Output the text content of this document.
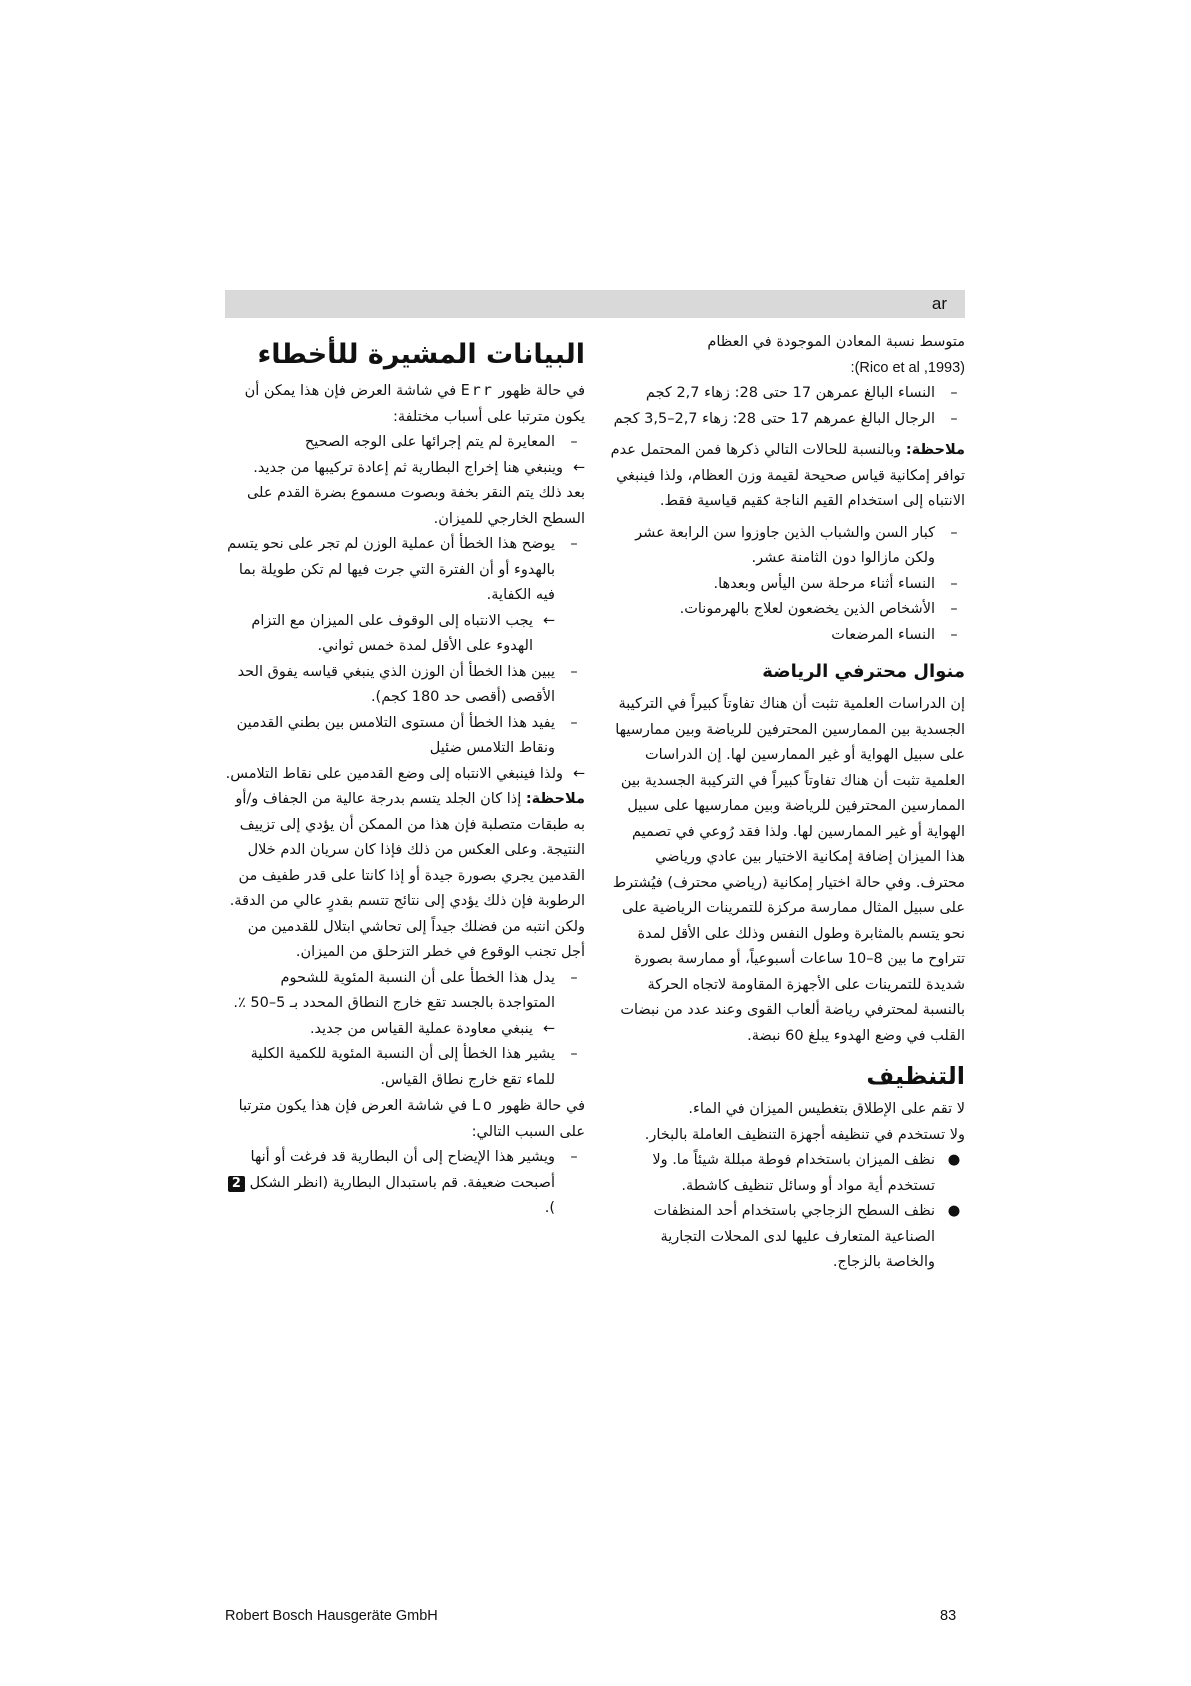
ar

متوسط نسبة المعادن الموجودة في العظام

:(Rico et al ,1993)

–
النساء البالغ عمرهن 17 حتى 28: زهاء 2,7 كجم
–
الرجال البالغ عمرهم 17 حتى 28: زهاء 2,7–3,5 كجم

ملاحظة: وبالنسبة للحالات التالي ذكرها فمن المحتمل عدم توافر إمكانية قياس صحيحة لقيمة وزن العظام، ولذا فينبغي الانتباه إلى استخدام القيم الناجة كقيم قياسية فقط.

–
كبار السن والشباب الذين جاوزوا سن الرابعة عشر ولكن مازالوا دون الثامنة عشر.
–
النساء أثناء مرحلة سن اليأس وبعدها.
–
الأشخاص الذين يخضعون لعلاج بالهرمونات.
–
النساء المرضعات
منوال محترفي الرياضة

إن الدراسات العلمية تثبت أن هناك تفاوتاً كبيراً في التركيبة الجسدية بين الممارسين المحترفين للرياضة وبين ممارسيها على سبيل الهواية أو غير الممارسين لها. إن الدراسات العلمية تثبت أن هناك تفاوتاً كبيراً في التركيبة الجسدية بين الممارسين المحترفين للرياضة وبين ممارسيها على سبيل الهواية أو غير الممارسين لها. ولذا فقد رُوعي في تصميم هذا الميزان إضافة إمكانية الاختيار بين عادي ورياضي محترف. وفي حالة اختيار إمكانية (رياضي محترف) فيُشترط على سبيل المثال ممارسة مركزة للتمرينات الرياضية على نحو يتسم بالمثابرة وطول النفس وذلك على الأقل لمدة تتراوح ما بين 8–10 ساعات أسبوعياً، أو ممارسة بصورة شديدة للتمرينات على الأجهزة المقاومة لاتجاه الحركة بالنسبة لمحترفي رياضة ألعاب القوى وعند عدد من نبضات القلب في وضع الهدوء يبلغ 60 نبضة.

التنظيف

لا تقم على الإطلاق بتغطيس الميزان في الماء.

ولا تستخدم في تنظيفه أجهزة التنظيف العاملة بالبخار.

●
نظف الميزان باستخدام فوطة مبللة شيئاً ما. ولا تستخدم أية مواد أو وسائل تنظيف كاشطة.
●
نظف السطح الزجاجي باستخدام أحد المنظفات الصناعية المتعارف عليها لدى المحلات التجارية والخاصة بالزجاج.
البيانات المشيرة للأخطاء

في حالة ظهور Err في شاشة العرض فإن هذا يمكن أن يكون مترتبا على أسباب مختلفة:

–
المعايرة لم يتم إجرائها على الوجه الصحيح
←
وينبغي هنا إخراج البطارية ثم إعادة تركيبها من جديد.

بعد ذلك يتم النقر بخفة وبصوت مسموع بضرة القدم على السطح الخارجي للميزان.

–
يوضح هذا الخطأ أن عملية الوزن لم تجر على نحو يتسم بالهدوء أو أن الفترة التي جرت فيها لم تكن طويلة بما فيه الكفاية.
←
يجب الانتباه إلى الوقوف على الميزان مع التزام الهدوء على الأقل لمدة خمس ثواني.
–
يبين هذا الخطأ أن الوزن الذي ينبغي قياسه يفوق الحد الأقصى (أقصى حد 180 كجم).
–
يفيد هذا الخطأ أن مستوى التلامس بين بطني القدمين ونقاط التلامس ضئيل
←
ولذا فينبغي الانتباه إلى وضع القدمين على نقاط التلامس.

ملاحظة: إذا كان الجلد يتسم بدرجة عالية من الجفاف و/أو به طبقات متصلبة فإن هذا من الممكن أن يؤدي إلى تزييف النتيجة. وعلى العكس من ذلك فإذا كان سريان الدم خلال القدمين يجري بصورة جيدة أو إذا كانتا على قدر طفيف من الرطوبة فإن ذلك يؤدي إلى نتائج تتسم بقدرٍ عالي من الدقة.

ولكن انتبه من فضلك جيداً إلى تحاشي ابتلال للقدمين من أجل تجنب الوقوع في خطر التزحلق من الميزان.

–
يدل هذا الخطأ على أن النسبة المئوية للشحوم المتواجدة بالجسد تقع خارج النطاق المحدد بـ 5–50 ٪.
←
ينبغي معاودة عملية القياس من جديد.
–
يشير هذا الخطأ إلى أن النسبة المئوية للكمية الكلية للماء تقع خارج نطاق القياس.

في حالة ظهور Lo في شاشة العرض فإن هذا يكون مترتبا على السبب التالي:

–
ويشير هذا الإيضاح إلى أن البطارية قد فرغت أو أنها أصبحت ضعيفة. قم باستبدال البطارية (انظر الشكل 2).
Robert Bosch Hausgeräte GmbH	83
